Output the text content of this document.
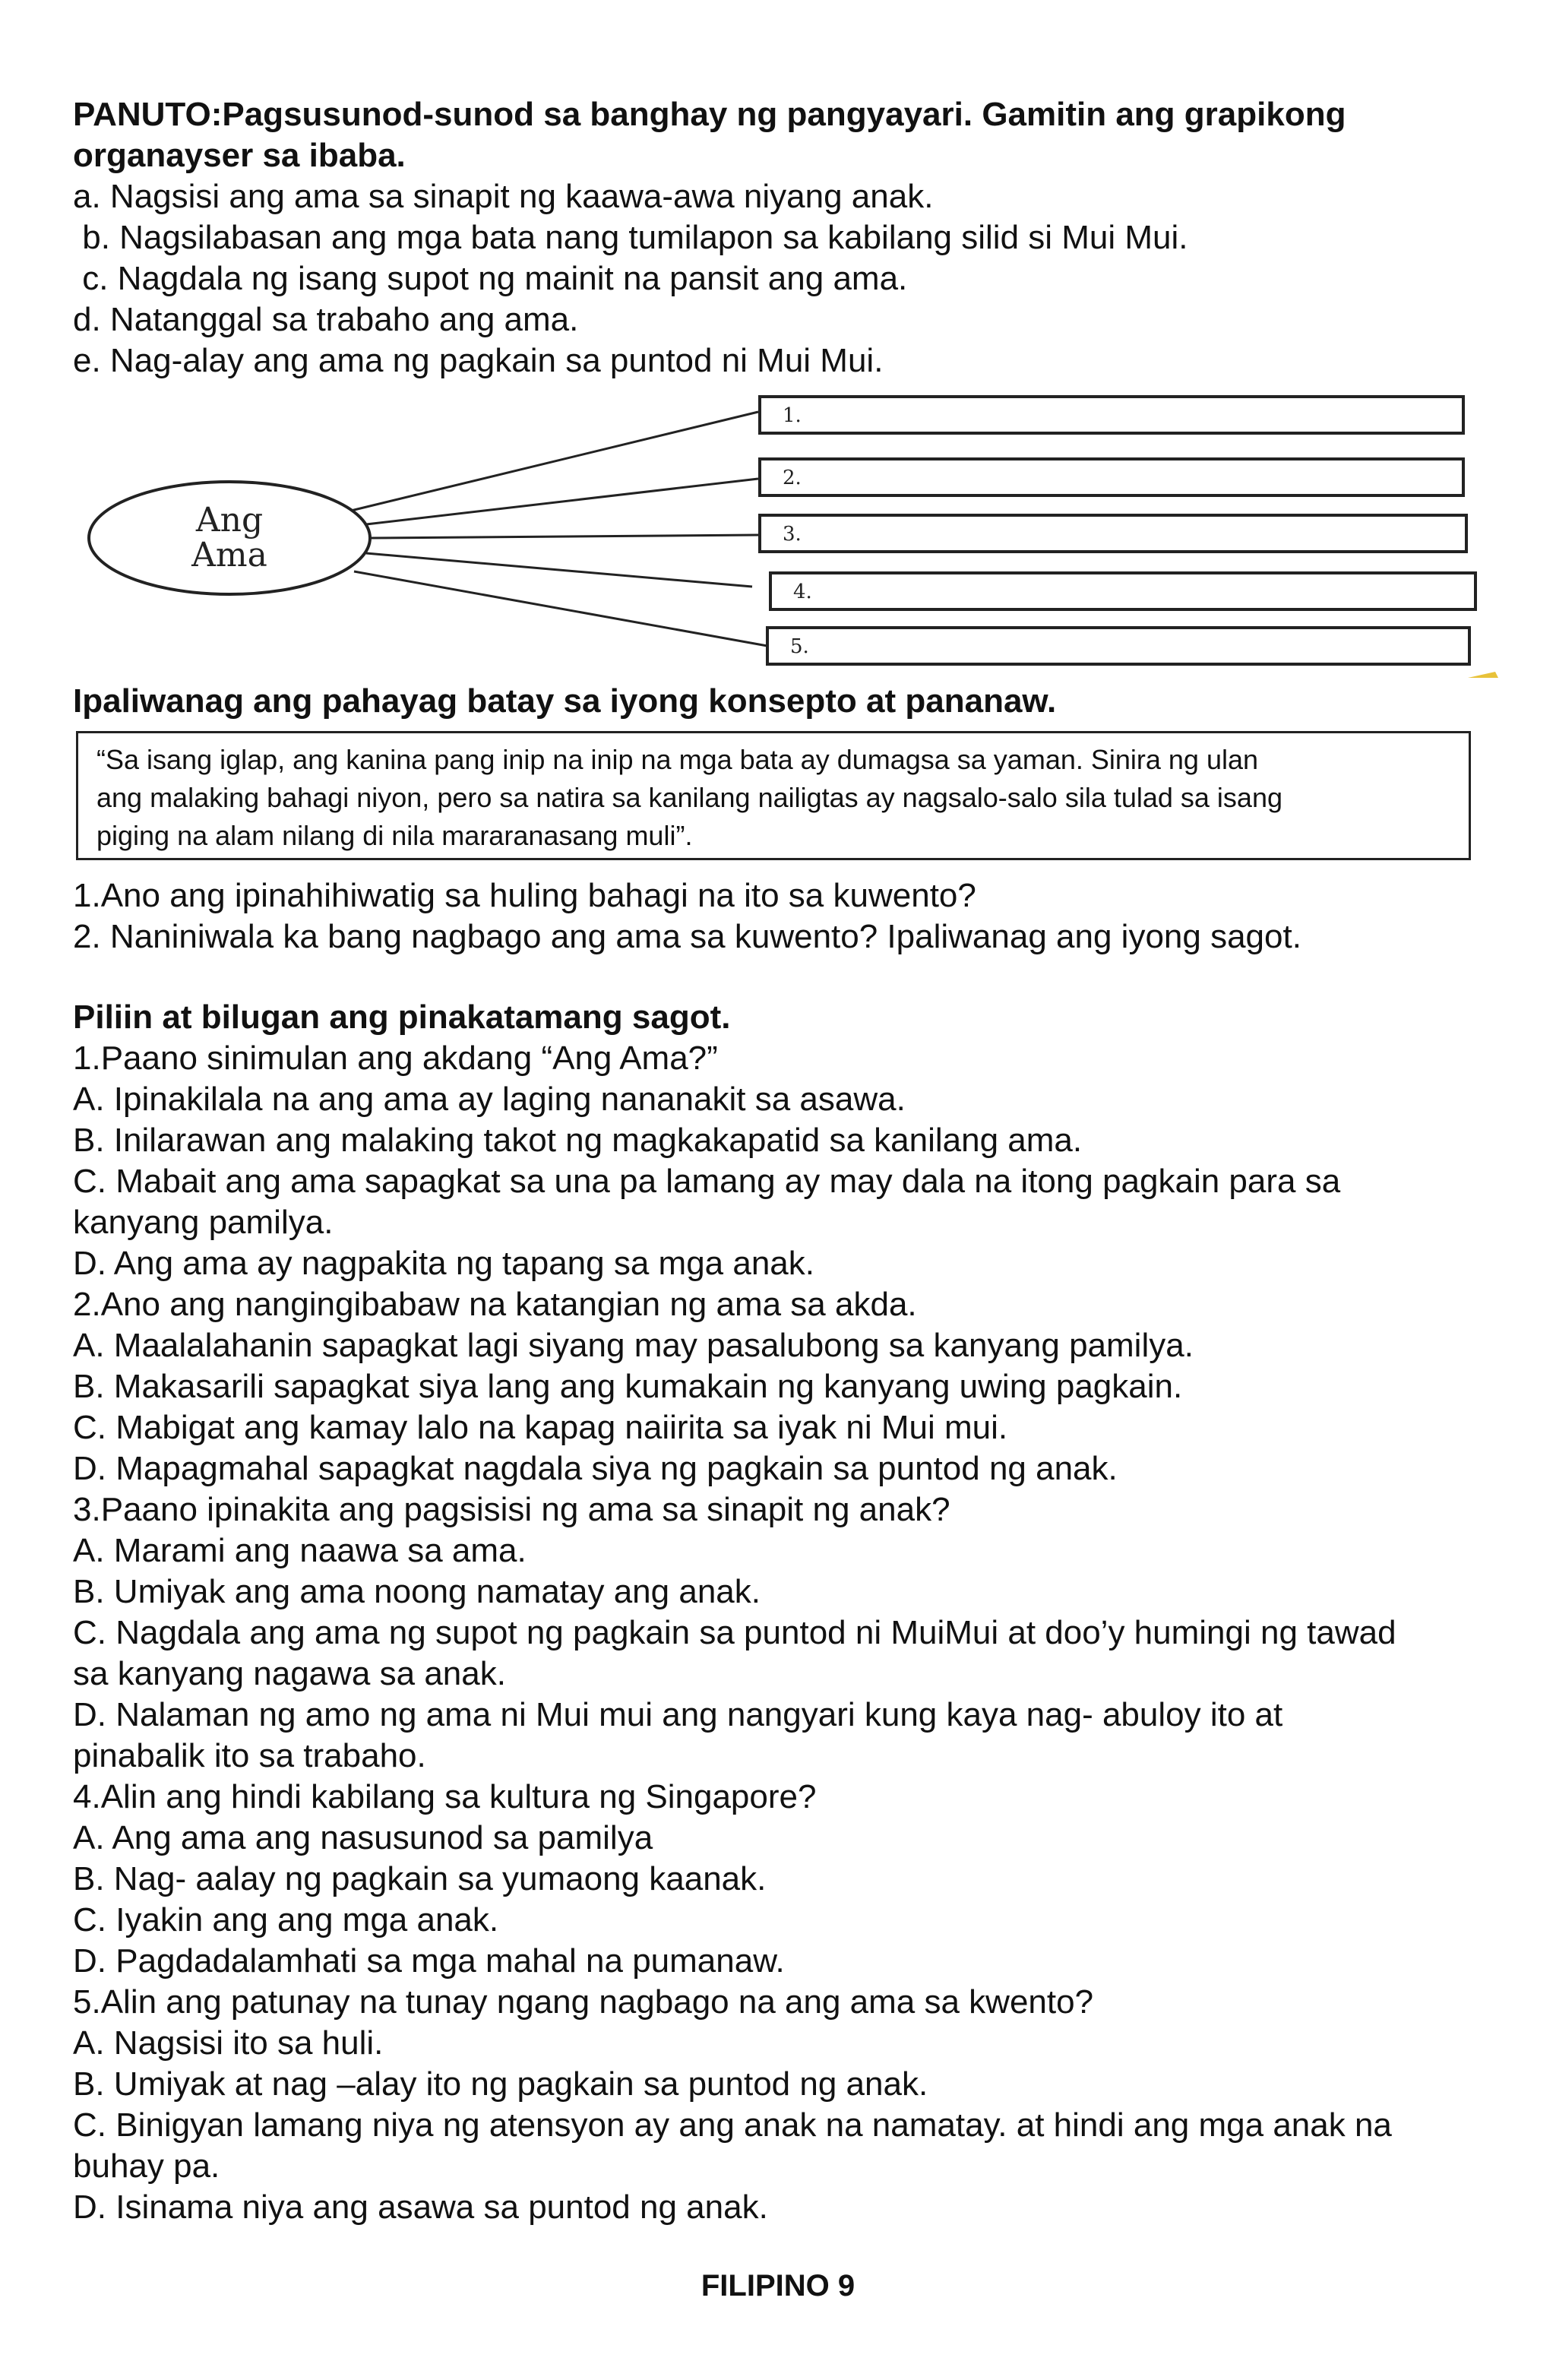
PANUTO:Pagsusunod-sunod sa banghay ng pangyayari. Gamitin ang grapikong
organayser sa ibaba.
a. Nagsisi ang ama sa sinapit ng kaawa-awa niyang anak.
b. Nagsilabasan ang mga bata nang tumilapon sa kabilang silid si Mui Mui.
c. Nagdala ng isang supot ng mainit na pansit ang ama.
d. Natanggal sa trabaho ang ama.
e. Nag-alay ang ama ng pagkain sa puntod ni Mui Mui.
Ang
Ama
1.
2.
3.
4.
5.
Ipaliwanag ang pahayag batay sa iyong konsepto at pananaw.
“Sa isang iglap, ang kanina pang inip na inip na mga bata ay dumagsa sa yaman. Sinira ng ulan
ang malaking bahagi niyon, pero sa natira sa kanilang nailigtas ay nagsalo-salo sila tulad sa isang
piging na alam nilang di nila mararanasang muli”.
1.Ano ang ipinahihiwatig sa huling bahagi na ito sa kuwento?
2. Naniniwala ka bang nagbago ang ama sa kuwento? Ipaliwanag ang iyong sagot.
Piliin at bilugan ang pinakatamang sagot.
1.Paano sinimulan ang akdang “Ang Ama?”
A. Ipinakilala na ang ama ay laging nananakit sa asawa.
B. Inilarawan ang malaking takot ng magkakapatid sa kanilang ama.
C. Mabait ang ama sapagkat sa una pa lamang ay may dala na itong pagkain para sa
kanyang pamilya.
D. Ang ama ay nagpakita ng tapang sa mga anak.
2.Ano ang nangingibabaw na katangian ng ama sa akda.
A. Maalalahanin sapagkat lagi siyang may pasalubong sa kanyang pamilya.
B. Makasarili sapagkat siya lang ang kumakain ng kanyang uwing pagkain.
C. Mabigat ang kamay lalo na kapag naiirita sa iyak ni Mui mui.
D. Mapagmahal sapagkat nagdala siya ng pagkain sa puntod ng anak.
3.Paano ipinakita ang pagsisisi ng ama sa sinapit ng anak?
A. Marami ang naawa sa ama.
B. Umiyak ang ama noong namatay ang anak.
C. Nagdala ang ama ng supot ng pagkain sa puntod ni MuiMui at doo’y humingi ng tawad
sa kanyang nagawa sa anak.
D. Nalaman ng amo ng ama ni Mui mui ang nangyari kung kaya nag- abuloy ito at
pinabalik ito sa trabaho.
4.Alin ang hindi kabilang sa kultura ng Singapore?
A. Ang ama ang nasusunod sa pamilya
B. Nag- aalay ng pagkain sa yumaong kaanak.
C. Iyakin ang ang mga anak.
D. Pagdadalamhati sa mga mahal na pumanaw.
5.Alin ang patunay na tunay ngang nagbago na ang ama sa kwento?
A. Nagsisi ito sa huli.
B. Umiyak at nag –alay ito ng pagkain sa puntod ng anak.
C. Binigyan lamang niya ng atensyon ay ang anak na namatay. at hindi ang mga anak na
buhay pa.
D. Isinama niya ang asawa sa puntod ng anak.
FILIPINO 9
